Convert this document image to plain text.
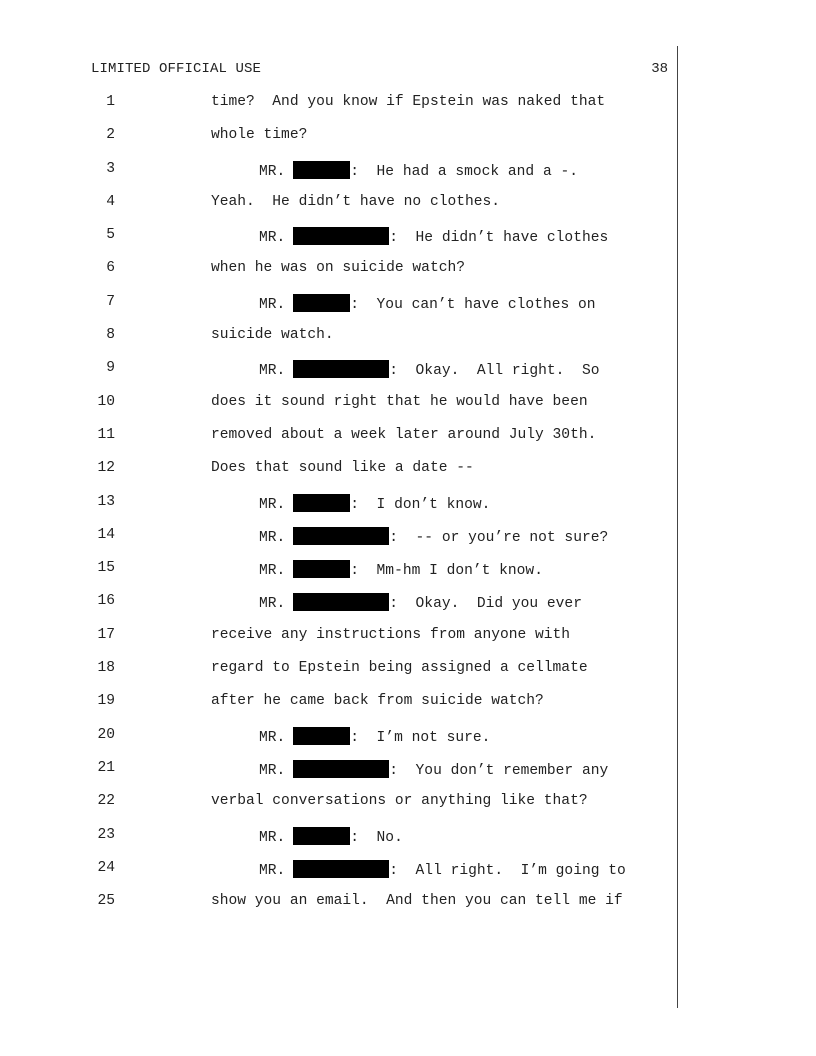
LIMITED OFFICIAL USE	38
1	time?  And you know if Epstein was naked that
2	whole time?
3	MR.	:  He had a smock and a -.
4	Yeah.  He didn’t have no clothes.
5	MR.	:  He didn’t have clothes
6	when he was on suicide watch?
7	MR.	:  You can’t have clothes on
8	suicide watch.
9	MR.	:  Okay.  All right.  So
10	does it sound right that he would have been
11	removed about a week later around July 30th.
12	Does that sound like a date --
13	MR.	:  I don’t know.
14	MR.	:  -- or you’re not sure?
15	MR.	:  Mm-hm I don’t know.
16	MR.	:  Okay.  Did you ever
17	receive any instructions from anyone with
18	regard to Epstein being assigned a cellmate
19	after he came back from suicide watch?
20	MR.	:  I’m not sure.
21	MR.	:  You don’t remember any
22	verbal conversations or anything like that?
23	MR.	:  No.
24	MR.	:  All right.  I’m going to
25	show you an email.  And then you can tell me if
